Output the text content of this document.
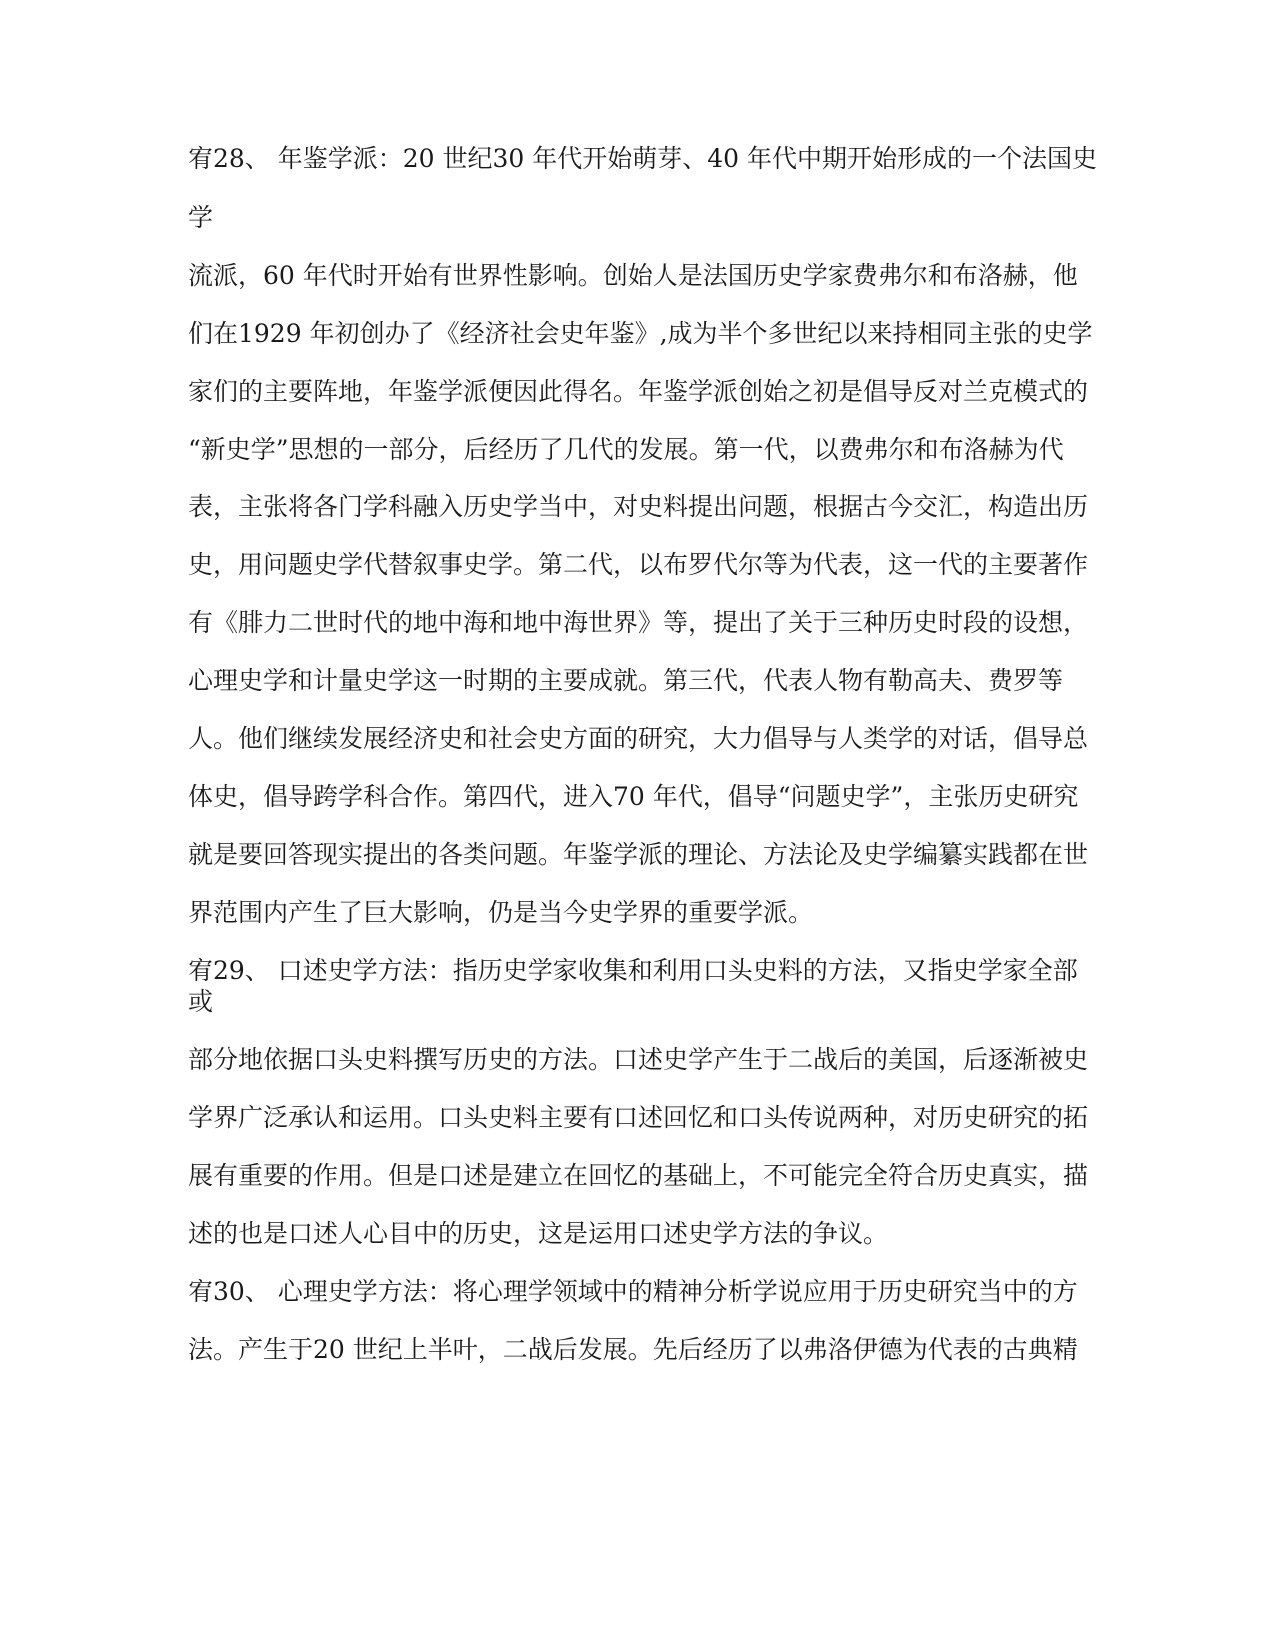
宥28、 年鉴学派：20 世纪30 年代开始萌芽、40 年代中期开始形成的一个法国史
学
流派，60 年代时开始有世界性影响。创始人是法国历史学家费弗尔和布洛赫，他
们在1929 年初创办了《经济社会史年鉴》,成为半个多世纪以来持相同主张的史学
家们的主要阵地，年鉴学派便因此得名。年鉴学派创始之初是倡导反对兰克模式的
“新史学”思想的一部分，后经历了几代的发展。第一代，以费弗尔和布洛赫为代
表，主张将各门学科融入历史学当中，对史料提出问题，根据古今交汇，构造出历
史，用问题史学代替叙事史学。第二代，以布罗代尔等为代表，这一代的主要著作
有《腓力二世时代的地中海和地中海世界》等，提出了关于三种历史时段的设想，
心理史学和计量史学这一时期的主要成就。第三代，代表人物有勒高夫、费罗等
人。他们继续发展经济史和社会史方面的研究，大力倡导与人类学的对话，倡导总
体史，倡导跨学科合作。第四代，进入70 年代，倡导“问题史学”，主张历史研究
就是要回答现实提出的各类问题。年鉴学派的理论、方法论及史学编纂实践都在世
界范围内产生了巨大影响，仍是当今史学界的重要学派。
宥29、 口述史学方法：指历史学家收集和利用口头史料的方法，又指史学家全部
或
部分地依据口头史料撰写历史的方法。口述史学产生于二战后的美国，后逐渐被史
学界广泛承认和运用。口头史料主要有口述回忆和口头传说两种，对历史研究的拓
展有重要的作用。但是口述是建立在回忆的基础上，不可能完全符合历史真实，描
述的也是口述人心目中的历史，这是运用口述史学方法的争议。
宥30、 心理史学方法：将心理学领域中的精神分析学说应用于历史研究当中的方
法。产生于20 世纪上半叶，二战后发展。先后经历了以弗洛伊德为代表的古典精
